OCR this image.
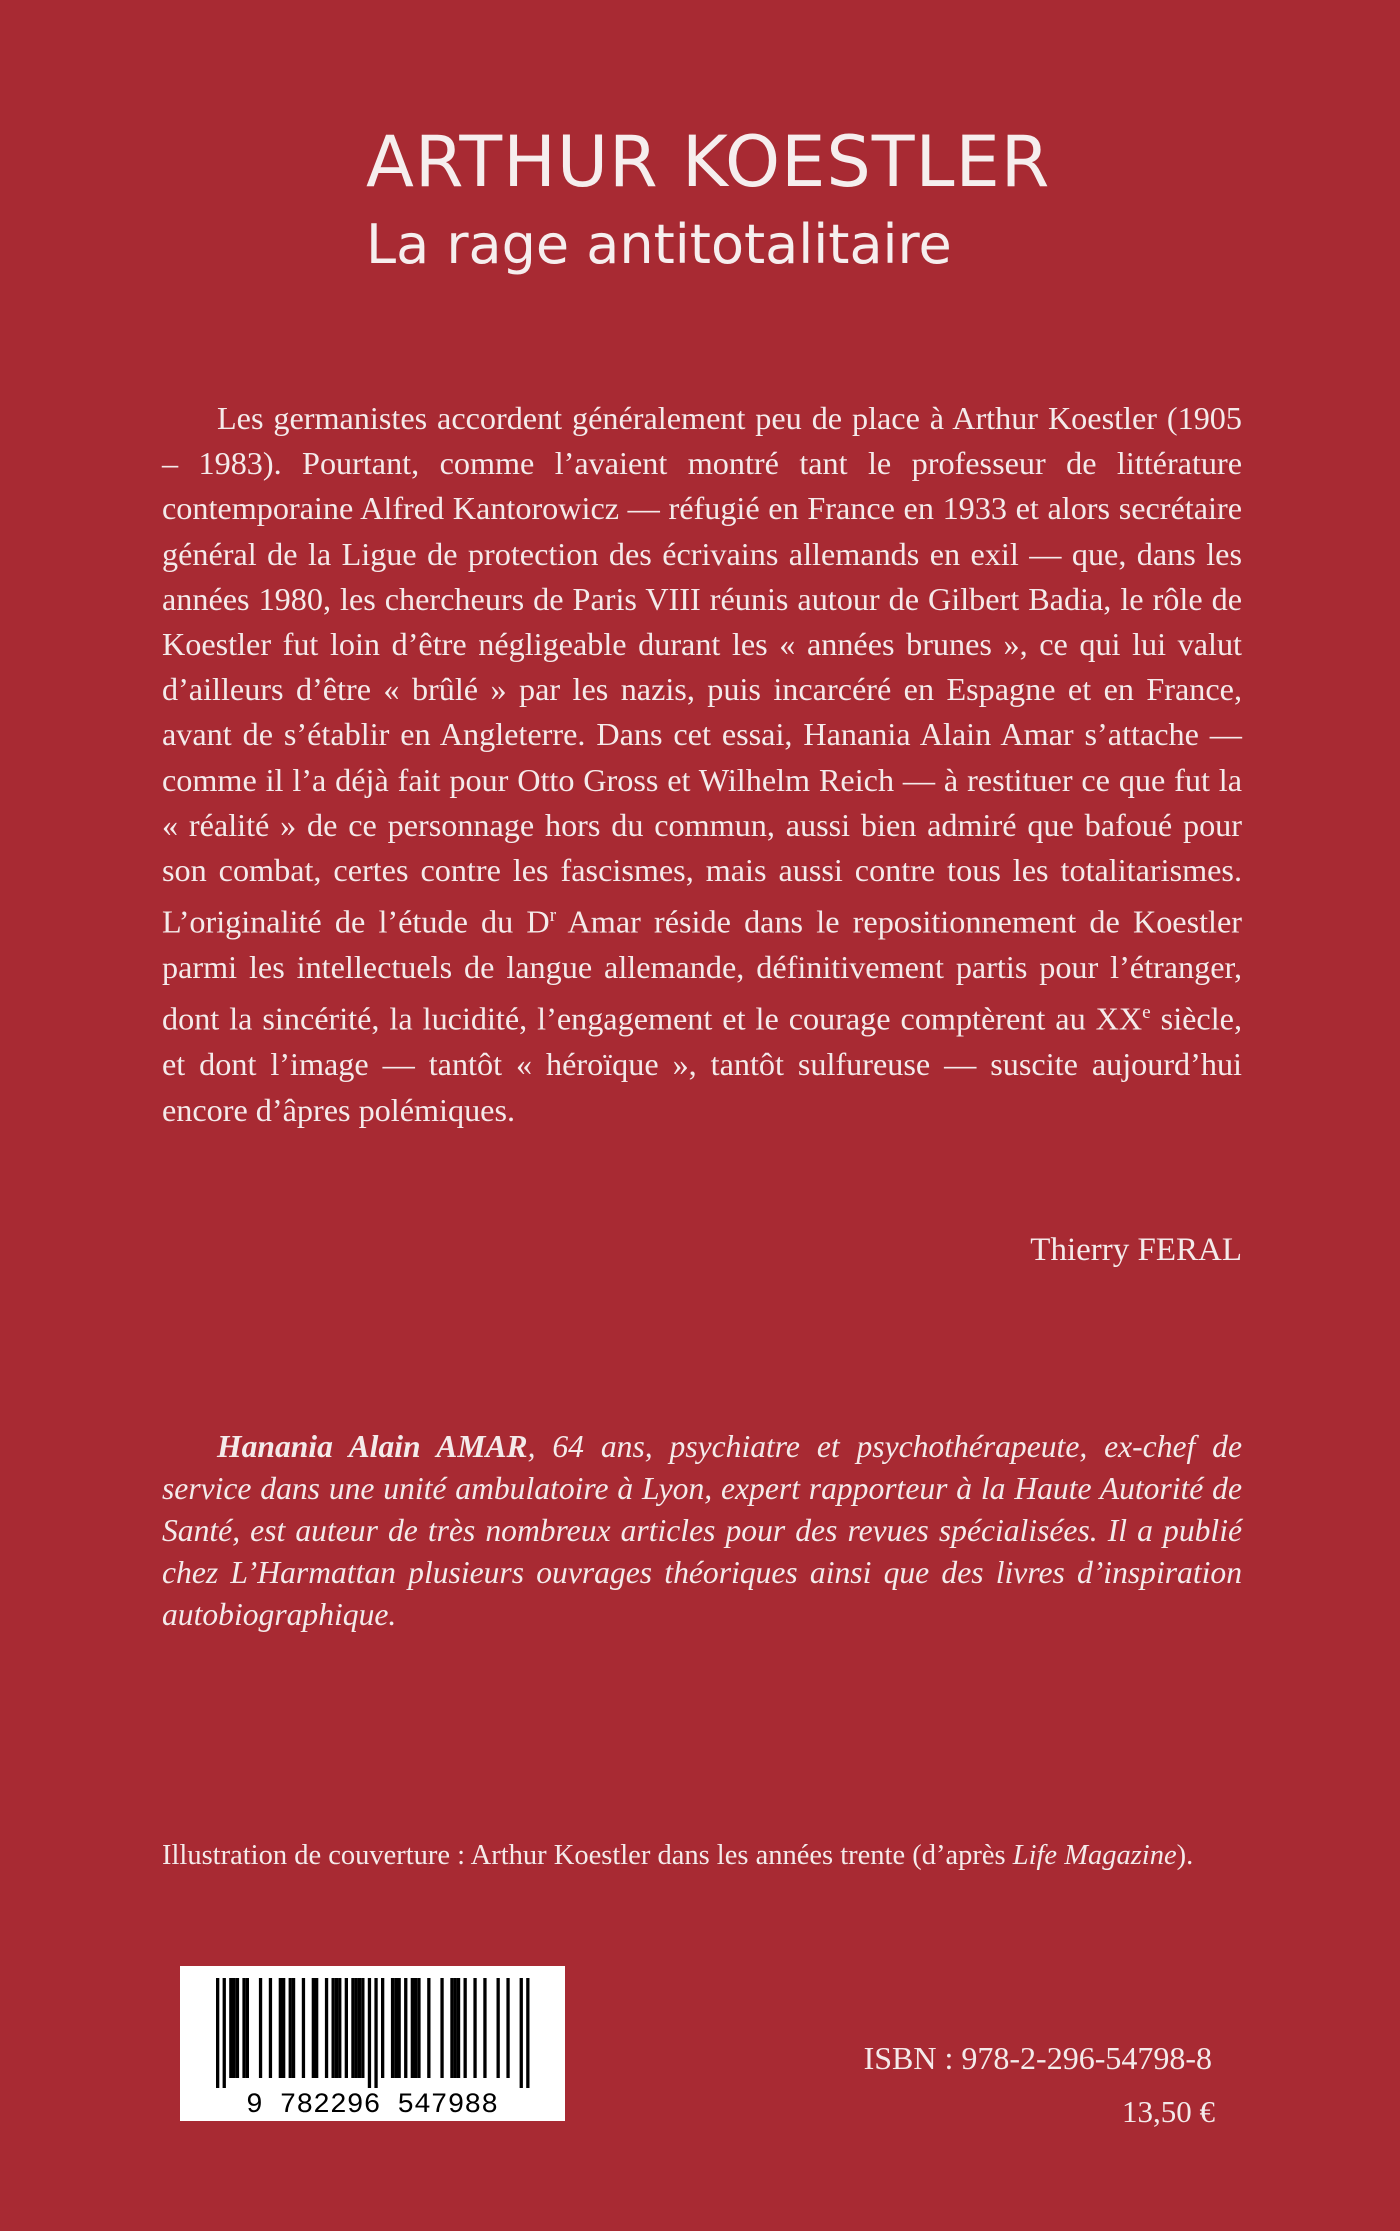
ARTHUR KOESTLER
La rage antitotalitaire

Les germanistes accordent généralement peu de place à Arthur Koestler (1905 – 1983). Pourtant, comme l’avaient montré tant le professeur de littérature contemporaine Alfred Kantorowicz — réfugié en France en 1933 et alors secrétaire général de la Ligue de protection des écrivains allemands en exil — que, dans les années 1980, les chercheurs de Paris VIII réunis autour de Gilbert Badia, le rôle de Koestler fut loin d’être négligeable durant les « années brunes », ce qui lui valut d’ailleurs d’être « brûlé » par les nazis, puis incarcéré en Espagne et en France, avant de s’établir en Angleterre. Dans cet essai, Hanania Alain Amar s’attache — comme il l’a déjà fait pour Otto Gross et Wilhelm Reich — à restituer ce que fut la « réalité » de ce personnage hors du commun, aussi bien admiré que bafoué pour son combat, certes contre les fascismes, mais aussi contre tous les totalitarismes. L’originalité de l’étude du $D^r$ Amar réside dans le repositionnement de Koestler parmi les intellectuels de langue allemande, définitivement partis pour l’étranger, dont la sincérité, la lucidité, l’engagement et le courage comptèrent au XXe siècle, et dont l’image — tantôt « héroïque », tantôt sulfureuse — suscite aujourd’hui encore d’âpres polémiques.

Thierry FERAL

Hanania Alain AMAR, 64 ans, psychiatre et psychothérapeute, ex-chef de service dans une unité ambulatoire à Lyon, expert rapporteur à la Haute Autorité de Santé, est auteur de très nombreux articles pour des revues spécialisées. Il a publié chez L’Harmattan plusieurs ouvrages théoriques ainsi que des livres d’inspiration autobiographique.

Illustration de couverture : Arthur Koestler dans les années trente (d’après Life Magazine).

9 782296 547988
ISBN : 978-2-296-54798-8
13,50 €
